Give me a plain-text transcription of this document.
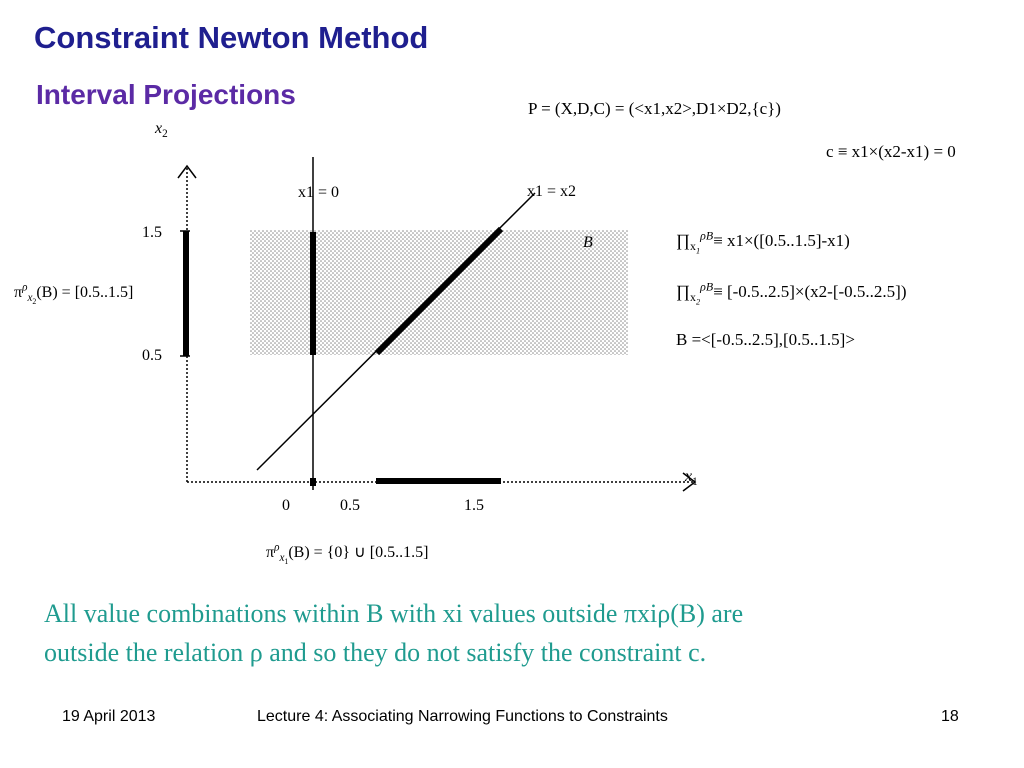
Constraint Newton Method
Interval Projections
$x_2$
$x_1$
1.5
0.5
0	0.5	1.5
x1 = 0	x1 = x2
B
$\pi^\rho_{x_2}(B) = [0.5..1.5]$
$\pi^\rho_{x_1}(B) = \{0\}$ ∪ [0.5..1.5]
P = (X,D,C) = (<x1,x2>,D1×D2,{c})
c ≡ x1×(x2-x1) = 0
$\prod_{x_1}^{\rho B}\equiv x1\times([0.5..1.5]-x1)$
$\prod_{x_2}^{\rho B}\equiv [-0.5..2.5]\times(x2-[-0.5..2.5])$
B =<[-0.5..2.5],[0.5..1.5]>
All value combinations within B with xi values outside πxiρ(B) are
outside the relation ρ and so they do not satisfy the constraint c.
19 April 2013	Lecture 4: Associating Narrowing Functions to Constraints	18
